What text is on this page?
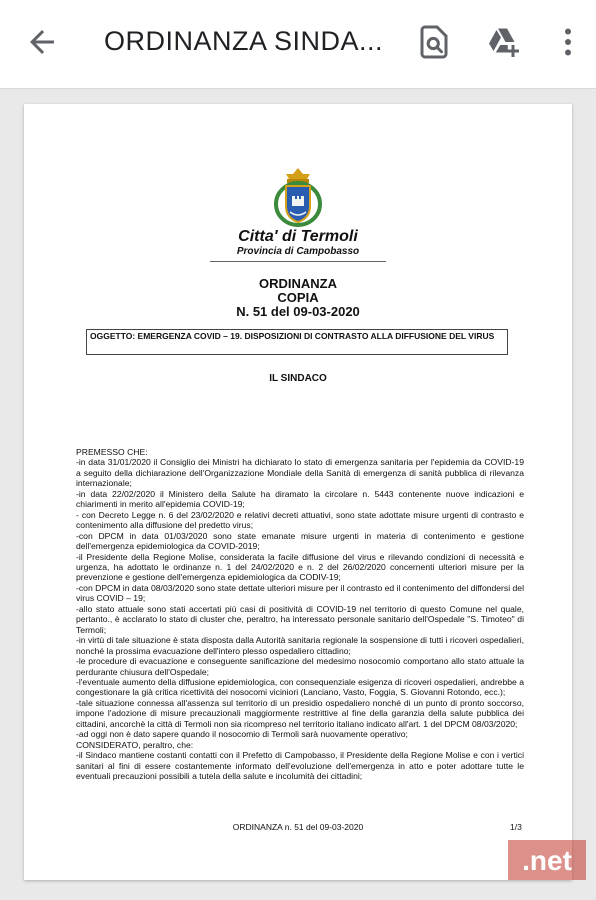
ORDINANZA SINDA...
Citta' di Termoli
Provincia di Campobasso
ORDINANZA
COPIA
N. 51 del 09-03-2020
OGGETTO: EMERGENZA COVID – 19. DISPOSIZIONI DI CONTRASTO ALLA DIFFUSIONE DEL VIRUS
IL SINDACO

PREMESSO CHE:

-in data 31/01/2020 il Consiglio dei Ministri ha dichiarato lo stato di emergenza sanitaria per l'epidemia da COVID-19 a seguito della dichiarazione dell'Organizzazione Mondiale della Sanità di emergenza di sanità pubblica di rilevanza internazionale;

-in data 22/02/2020 il Ministero della Salute ha diramato la circolare n. 5443 contenente nuove indicazioni e chiarimenti in merito all'epidemia COVID-19;

- con Decreto Legge n. 6 del 23/02/2020 e relativi decreti attuativi, sono state adottate misure urgenti di contrasto e contenimento alla diffusione del predetto virus;

-con DPCM in data 01/03/2020 sono state emanate misure urgenti in materia di contenimento e gestione dell'emergenza epidemiologica da COVID-2019;

-il Presidente della Regione Molise, considerata la facile diffusione del virus e rilevando condizioni di necessità e urgenza, ha adottato le ordinanze n. 1 del 24/02/2020 e n. 2 del 26/02/2020 concernenti ulteriori misure per la prevenzione e gestione dell'emergenza epidemiologica da CODIV-19;

-con DPCM in data 08/03/2020 sono state dettate ulteriori misure per il contrasto ed il contenimento del diffondersi del virus COVID – 19;

-allo stato attuale sono stati accertati più casi di positività di COVID-19 nel territorio di questo Comune nel quale, pertanto., è acclarato lo stato di cluster che, peraltro, ha interessato personale sanitario dell'Ospedale "S. Timoteo" di Termoli;

-in virtù di tale situazione è stata disposta dalla Autorità sanitaria regionale la sospensione di tutti i ricoveri ospedalieri, nonché la prossima evacuazione dell'intero plesso ospedaliero cittadino;

-le procedure di evacuazione e conseguente sanificazione del medesimo nosocomio comportano allo stato attuale la perdurante chiusura dell'Ospedale;

-l'eventuale aumento della diffusione epidemiologica, con consequenziale esigenza di ricoveri ospedalieri, andrebbe a congestionare la già critica ricettività dei nosocomi viciniori (Lanciano, Vasto, Foggia, S. Giovanni Rotondo, ecc.);

-tale situazione connessa all'assenza sul territorio di un presidio ospedaliero nonché di un punto di pronto soccorso, impone l'adozione di misure precauzionali maggiormente restrittive al fine della garanzia della salute pubblica dei cittadini, ancorchè la città di Termoli non sia ricompreso nel territorio italiano indicato all'art. 1 del DPCM 08/03/2020;

-ad oggi non è dato sapere quando il nosocomio di Termoli sarà nuovamente operativo;

CONSIDERATO, peraltro, che:

-il Sindaco mantiene costanti contatti con il Prefetto di Campobasso, il Presidente della Regione Molise e con i vertici sanitari al fini di essere costantemente informato dell'evoluzione dell'emergenza in atto e poter adottare tutte le eventuali precauzioni possibili a tutela della salute e incolumità dei cittadini;

ORDINANZA n. 51 del 09-03-2020	1/3
.net
